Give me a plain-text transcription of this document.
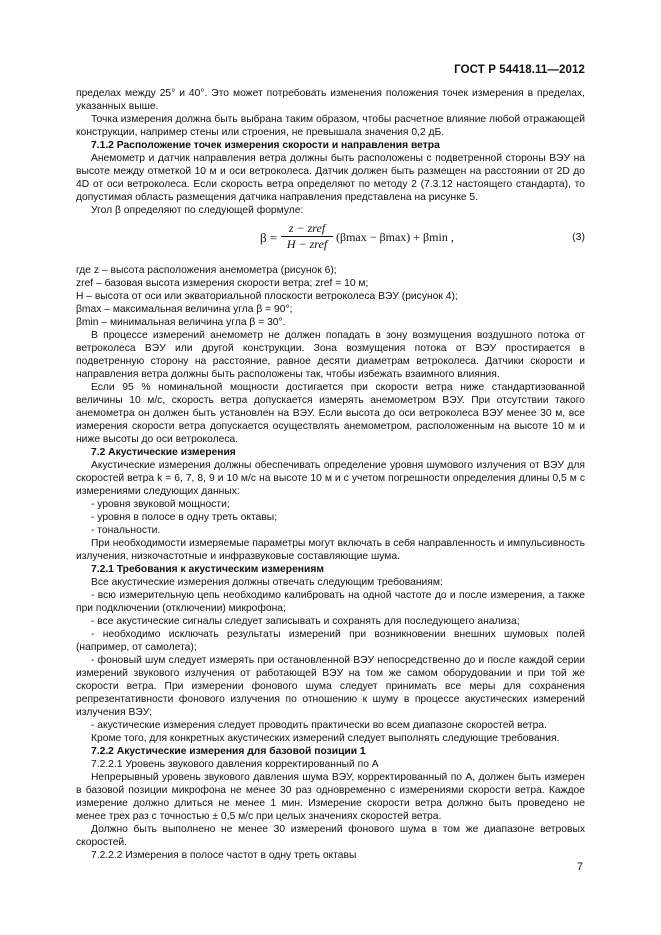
ГОСТ Р 54418.11—2012

пределах между 25° и 40°. Это может потребовать изменения положения точек измерения в пределах, указанных выше.

Точка измерения должна быть выбрана таким образом, чтобы расчетное влияние любой отражающей конструкции, например стены или строения, не превышала значения 0,2 дБ.

7.1.2 Расположение точек измерения скорости и направления ветра

Анемометр и датчик направления ветра должны быть расположены с подветренной стороны ВЭУ на высоте между отметкой 10 м и оси ветроколеса. Датчик должен быть размещен на расстоянии от 2D до 4D от оси ветроколеса. Если скорость ветра определяют по методу 2 (7.3.12 настоящего стандарта), то допустимая область размещения датчика направления представлена на рисунке 5.

Угол β определяют по следующей формуле:

β =
z − zref
H − zref (βmax − βmax) + βmin ,	(3)

где z – высота расположения анемометра (рисунок 6);

zref – базовая высота измерения скорости ветра; zref = 10 м;

H – высота от оси или экваториальной плоскости ветроколеса ВЭУ (рисунок 4);

βmax – максимальная величина угла β = 90°;

βmin – минимальная величина угла β = 30°.

В процессе измерений анемометр не должен попадать в зону возмущения воздушного потока от ветроколеса ВЭУ или другой конструкции. Зона возмущения потока от ВЭУ простирается в подветренную сторону на расстояние, равное десяти диаметрам ветроколеса. Датчики скорости и направления ветра должны быть расположены так, чтобы избежать взаимного влияния.

Если 95 % номинальной мощности достигается при скорости ветра ниже стандартизованной величины 10 м/с, скорость ветра допускается измерять анемометром ВЭУ. При отсутствии такого анемометра он должен быть установлен на ВЭУ. Если высота до оси ветроколеса ВЭУ менее 30 м, все измерения скорости ветра допускается осуществлять анемометром, расположенным на высоте 10 м и ниже высоты до оси ветроколеса.

7.2 Акустические измерения

Акустические измерения должны обеспечивать определение уровня шумового излучения от ВЭУ для скоростей ветра k = 6, 7, 8, 9 и 10 м/с на высоте 10 м и с учетом погрешности определения длины 0,5 м с измерениями следующих данных:

- уровня звуковой мощности;

- уровня в полосе в одну треть октавы;

- тональности.

При необходимости измеряемые параметры могут включать в себя направленность и импульсивность излучения, низкочастотные и инфразвуковые составляющие шума.

7.2.1 Требования к акустическим измерениям

Все акустические измерения должны отвечать следующим требованиям:

- всю измерительную цепь необходимо калибровать на одной частоте до и после измерения, а также при подключении (отключении) микрофона;

- все акустические сигналы следует записывать и сохранять для последующего анализа;

- необходимо исключать результаты измерений при возникновении внешних шумовых полей (например, от самолета);

- фоновый шум следует измерять при остановленной ВЭУ непосредственно до и после каждой серии измерений звукового излучения от работающей ВЭУ на том же самом оборудовании и при той же скорости ветра. При измерении фонового шума следует принимать все меры для сохранения репрезентативности фонового излучения по отношению к шуму в процессе акустических измерений излучения ВЭУ;

- акустические измерения следует проводить практически во всем диапазоне скоростей ветра.

Кроме того, для конкретных акустических измерений следует выполнять следующие требования.

7.2.2 Акустические измерения для базовой позиции 1

7.2.2.1 Уровень звукового давления корректированный по А

Непрерывный уровень звукового давления шума ВЭУ, корректированный по А, должен быть измерен в базовой позиции микрофона не менее 30 раз одновременно с измерениями скорости ветра. Каждое измерение должно длиться не менее 1 мин. Измерение скорости ветра должно быть проведено не менее трех раз с точностью ± 0,5 м/с при целых значениях скоростей ветра.

Должно быть выполнено не менее 30 измерений фонового шума в том же диапазоне ветровых скоростей.

7.2.2.2 Измерения в полосе частот в одну треть октавы

7
